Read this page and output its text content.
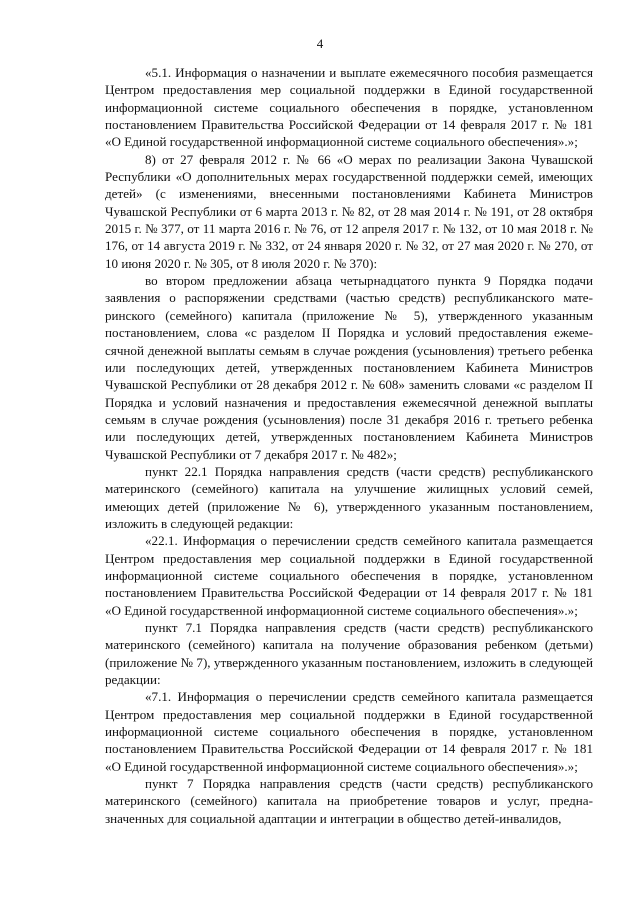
4

«5.1. Информация о назначении и выплате ежемесячного пособия размещается Центром предоставления мер социальной поддержки в Единой государственной информационной системе социального обеспечения в порядке, установленном постановлением Правительства Российской Федерации от 14 февраля 2017 г. № 181 «О Единой государственной информационной системе социального обеспечения».»;

8) от 27 февраля 2012 г. № 66 «О мерах по реализации Закона Чувашской Республики «О дополнительных мерах государственной поддержки семей, имеющих детей» (с изменениями, внесенными постановлениями Кабинета Министров Чувашской Республики от 6 марта 2013 г. № 82, от 28 мая 2014 г. № 191, от 28 октября 2015 г. № 377, от 11 марта 2016 г. № 76, от 12 апреля 2017 г. № 132, от 10 мая 2018 г. № 176, от 14 августа 2019 г. № 332, от 24 января 2020 г. № 32, от 27 мая 2020 г. № 270, от 10 июня 2020 г. № 305, от 8 июля 2020 г. № 370):

во втором предложении абзаца четырнадцатого пункта 9 Порядка подачи заявления о распоряжении средствами (частью средств) республиканского материнского (семейного) капитала (приложение № 5), утвержденного указанным постановлением, слова «с разделом II Порядка и условий предоставления ежемесячной денежной выплаты семьям в случае рождения (усыновления) третьего ребенка или последующих детей, утвержденных постановлением Кабинета Министров Чувашской Республики от 28 декабря 2012 г. № 608» заменить словами «с разделом II Порядка и условий назначения и предоставления ежемесячной денежной выплаты семьям в случае рождения (усыновления) после 31 декабря 2016 г. третьего ребенка или последующих детей, утвержденных постановлением Кабинета Министров Чувашской Республики от 7 декабря 2017 г. № 482»;

пункт 22.1 Порядка направления средств (части средств) республиканского материнского (семейного) капитала на улучшение жилищных условий семей, имеющих детей (приложение № 6), утвержденного указанным постановлением, изложить в следующей редакции:

«22.1. Информация о перечислении средств семейного капитала размещается Центром предоставления мер социальной поддержки в Единой государственной информационной системе социального обеспечения в порядке, установленном постановлением Правительства Российской Федерации от 14 февраля 2017 г. № 181 «О Единой государственной информационной системе социального обеспечения».»;

пункт 7.1 Порядка направления средств (части средств) республиканского материнского (семейного) капитала на получение образования ребенком (детьми) (приложение № 7), утвержденного указанным постановлением, изложить в следующей редакции:

«7.1. Информация о перечислении средств семейного капитала размещается Центром предоставления мер социальной поддержки в Единой государственной информационной системе социального обеспечения в порядке, установленном постановлением Правительства Российской Федерации от 14 февраля 2017 г. № 181 «О Единой государственной информационной системе социального обеспечения».»;

пункт 7 Порядка направления средств (части средств) республиканского материнского (семейного) капитала на приобретение товаров и услуг, предназначенных для социальной адаптации и интеграции в общество детей-инвалидов,
